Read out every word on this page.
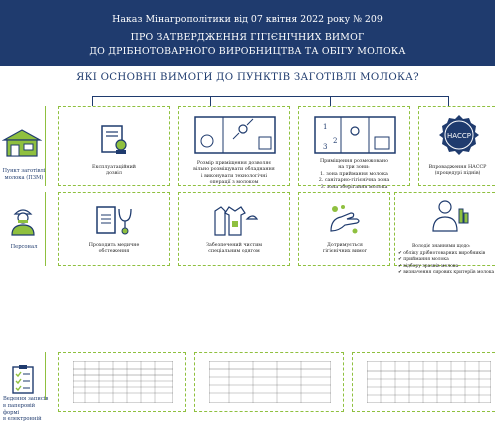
Наказ Мінагрополітики від 07 квітня 2022 року № 209
ПРО ЗАТВЕРДЖЕННЯ ГІГІЄНІЧНИХ ВИМОГ
ДО ДРІБНОТОВАРНОГО ВИРОБНИЦТВА ТА ОБІГУ МОЛОКА
ЯКІ ОСНОВНІ ВИМОГИ ДО ПУНКТІВ ЗАГОТІВЛІ МОЛОКА?
Пункт заготівлі
молока (ПЗМ)
Експлуатаційний
дозвіл
Розмір приміщення дозволяє
вільно розміщувати обладнання
і виконувати технологічні
операції з молоком
1
2
3
Приміщення розмежовано
на три зони:
1. зона приймання молока
2. санітарно-гігієнічна зона
3. зона зберігання молока
HACCP
Впровадження НАССР
(процедурі піднів)
Персонал	Проходить медичне
обстеження
Забезпечений чистим
спеціальним одягом
Дотримується
гігієнічних вимог
Володіє знаннями щодо:
✔ обліку дрібнотоварних виробників
✔ приймання молока
✔ відбору зразків молока
✔ визначення сирових критеріїв молока
Ведення записів
в паперовій
формі
в електронній
